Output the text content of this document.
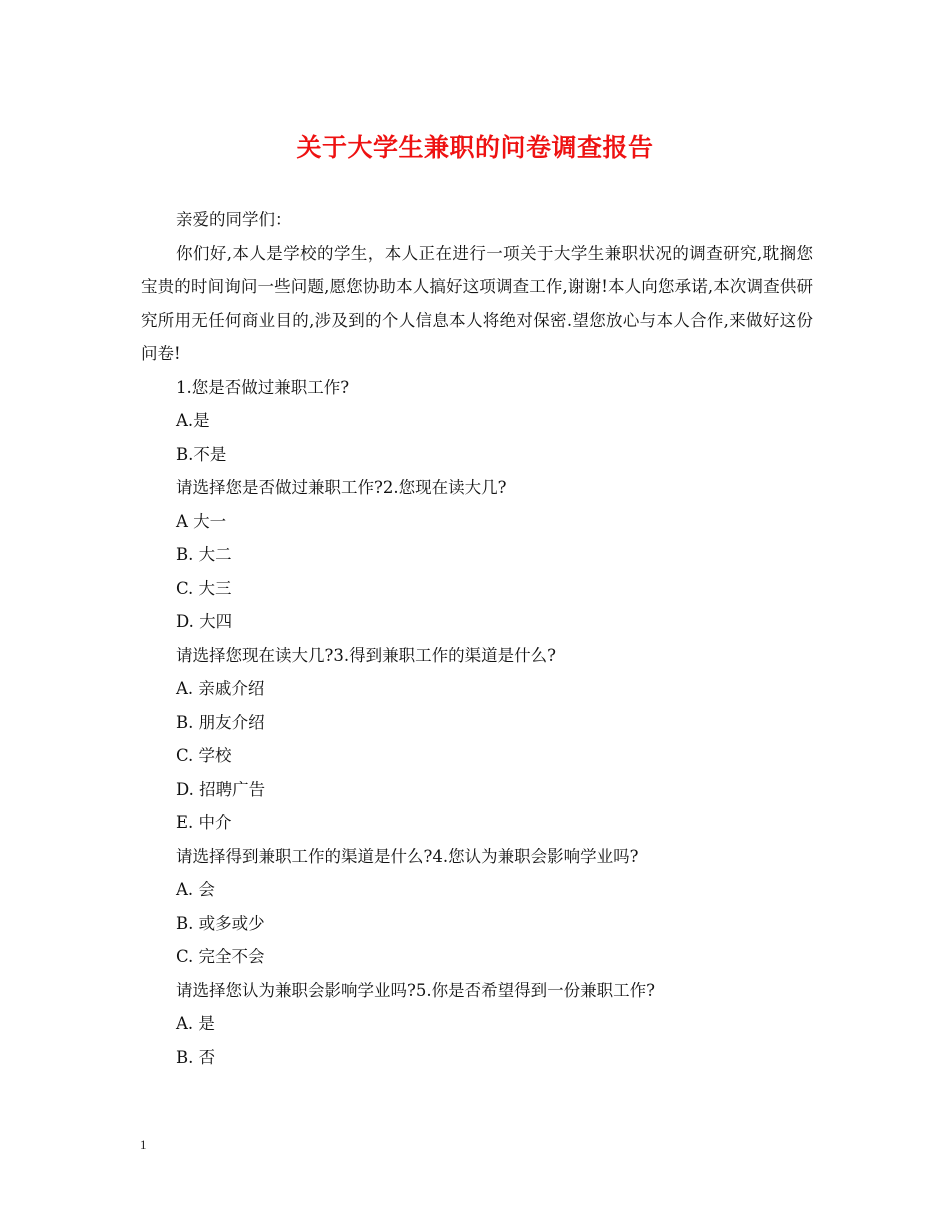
关于大学生兼职的问卷调查报告
亲爱的同学们：
你们好,本人是学校的学生，本人正在进行一项关于大学生兼职状况的调查研究,耽搁您宝贵的时间询问一些问题,愿您协助本人搞好这项调查工作,谢谢!本人向您承诺,本次调查供研究所用无任何商业目的,涉及到的个人信息本人将绝对保密.望您放心与本人合作,来做好这份问卷!
1.您是否做过兼职工作?
A.是
B.不是
请选择您是否做过兼职工作?2.您现在读大几?
A 大一
B. 大二
C. 大三
D. 大四
请选择您现在读大几?3.得到兼职工作的渠道是什么?
A. 亲戚介绍
B. 朋友介绍
C. 学校
D. 招聘广告
E. 中介
请选择得到兼职工作的渠道是什么?4.您认为兼职会影响学业吗?
A. 会
B. 或多或少
C. 完全不会
请选择您认为兼职会影响学业吗?5.你是否希望得到一份兼职工作?
A. 是
B. 否
1
